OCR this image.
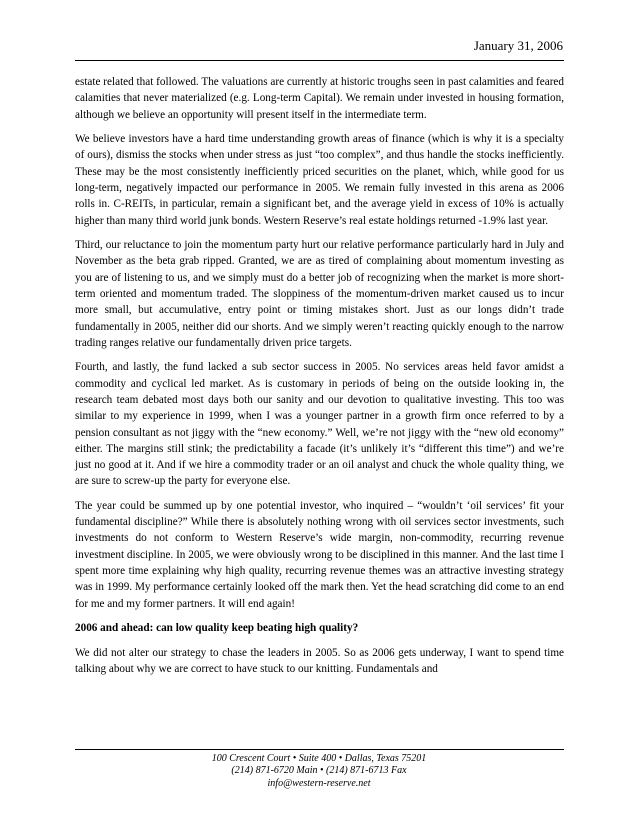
January 31, 2006

estate related that followed. The valuations are currently at historic troughs seen in past calamities and feared calamities that never materialized (e.g. Long-term Capital). We remain under invested in housing formation, although we believe an opportunity will present itself in the intermediate term.

We believe investors have a hard time understanding growth areas of finance (which is why it is a specialty of ours), dismiss the stocks when under stress as just “too complex”, and thus handle the stocks inefficiently. These may be the most consistently inefficiently priced securities on the planet, which, while good for us long-term, negatively impacted our performance in 2005. We remain fully invested in this arena as 2006 rolls in. C-REITs, in particular, remain a significant bet, and the average yield in excess of 10% is actually higher than many third world junk bonds. Western Reserve’s real estate holdings returned -1.9% last year.

Third, our reluctance to join the momentum party hurt our relative performance particularly hard in July and November as the beta grab ripped. Granted, we are as tired of complaining about momentum investing as you are of listening to us, and we simply must do a better job of recognizing when the market is more short-term oriented and momentum traded. The sloppiness of the momentum-driven market caused us to incur more small, but accumulative, entry point or timing mistakes short. Just as our longs didn’t trade fundamentally in 2005, neither did our shorts. And we simply weren’t reacting quickly enough to the narrow trading ranges relative our fundamentally driven price targets.

Fourth, and lastly, the fund lacked a sub sector success in 2005. No services areas held favor amidst a commodity and cyclical led market. As is customary in periods of being on the outside looking in, the research team debated most days both our sanity and our devotion to qualitative investing. This too was similar to my experience in 1999, when I was a younger partner in a growth firm once referred to by a pension consultant as not jiggy with the “new economy.” Well, we’re not jiggy with the “new old economy” either. The margins still stink; the predictability a facade (it’s unlikely it’s “different this time”) and we’re just no good at it. And if we hire a commodity trader or an oil analyst and chuck the whole quality thing, we are sure to screw-up the party for everyone else.

The year could be summed up by one potential investor, who inquired – “wouldn’t ‘oil services’ fit your fundamental discipline?” While there is absolutely nothing wrong with oil services sector investments, such investments do not conform to Western Reserve’s wide margin, non-commodity, recurring revenue investment discipline. In 2005, we were obviously wrong to be disciplined in this manner. And the last time I spent more time explaining why high quality, recurring revenue themes was an attractive investing strategy was in 1999. My performance certainly looked off the mark then. Yet the head scratching did come to an end for me and my former partners. It will end again!

2006 and ahead: can low quality keep beating high quality?

We did not alter our strategy to chase the leaders in 2005. So as 2006 gets underway, I want to spend time talking about why we are correct to have stuck to our knitting. Fundamentals and

100 Crescent Court • Suite 400 • Dallas, Texas 75201
(214) 871-6720 Main • (214) 871-6713 Fax
info@western-reserve.net
